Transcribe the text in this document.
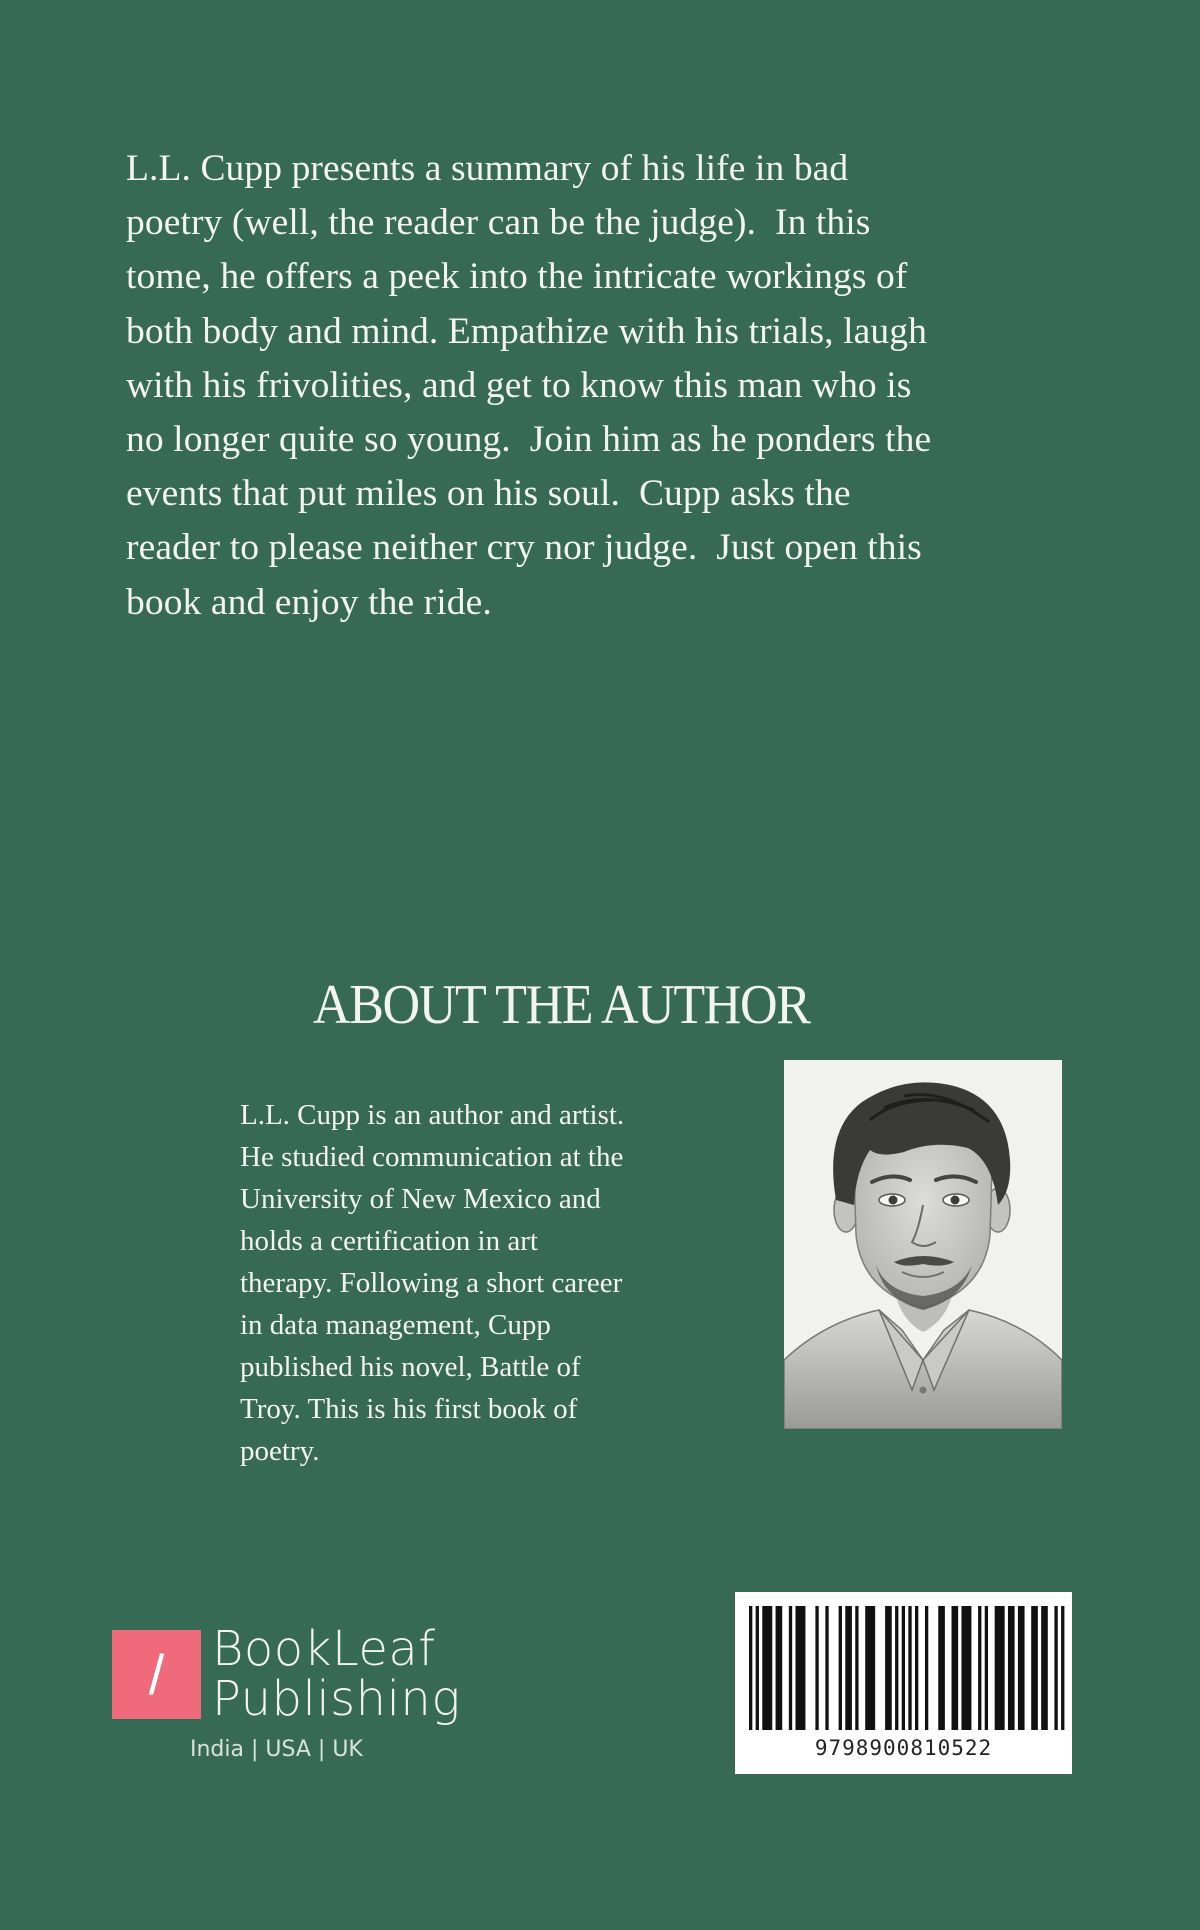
L.L. Cupp presents a summary of his life in bad
poetry (well, the reader can be the judge).  In this
tome, he offers a peek into the intricate workings of
both body and mind. Empathize with his trials, laugh
with his frivolities, and get to know this man who is
no longer quite so young.  Join him as he ponders the
events that put miles on his soul.  Cupp asks the
reader to please neither cry nor judge.  Just open this
book and enjoy the ride.
ABOUT THE AUTHOR
L.L. Cupp is an author and artist.
He studied communication at the
University of New Mexico and
holds a certification in art
therapy. Following a short career
in data management, Cupp
published his novel, Battle of
Troy. This is his first book of
poetry.
/ BookLeaf
Publishing
India | USA | UK	9798900810522
